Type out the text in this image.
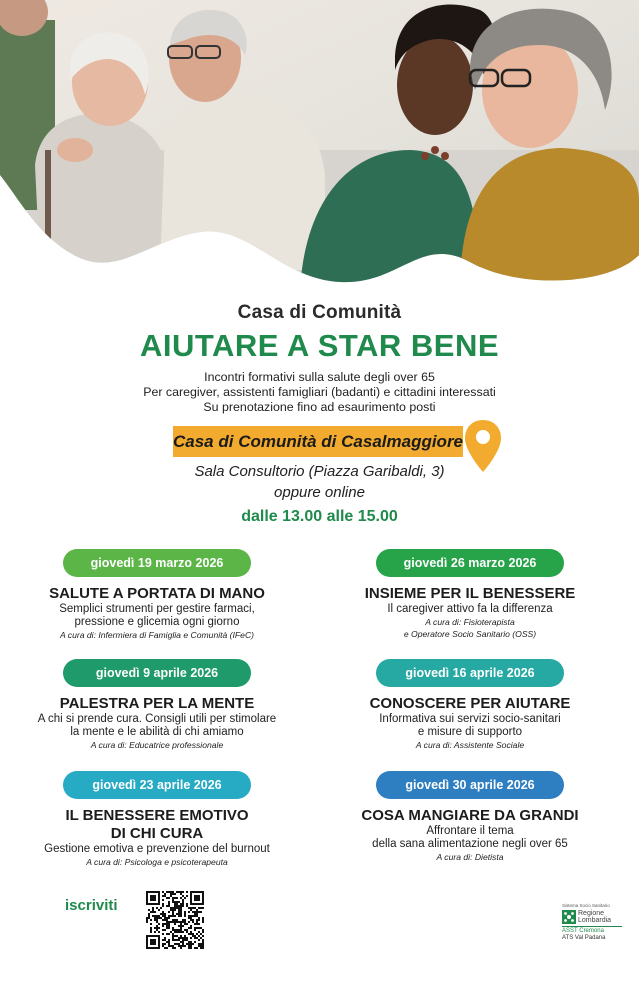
Casa di Comunità

AIUTARE A STAR BENE

Incontri formativi sulla salute degli over 65

Per caregiver, assistenti famigliari (badanti) e cittadini interessati

Su prenotazione fino ad esaurimento posti

Casa di Comunità di Casalmaggiore

Sala Consultorio (Piazza Garibaldi, 3)

oppure online

dalle 13.00 alle 15.00

giovedì 19 marzo 2026

SALUTE A PORTATA DI MANO

Semplici strumenti per gestire farmaci,

pressione e glicemia ogni giorno

A cura di: Infermiera di Famiglia e Comunità (IFeC)

giovedì 26 marzo 2026

INSIEME PER IL BENESSERE

Il caregiver attivo fa la differenza

A cura di: Fisioterapista

e Operatore Socio Sanitario (OSS)

giovedì 9 aprile 2026

PALESTRA PER LA MENTE

A chi si prende cura. Consigli utili per stimolare

la mente e le abilità di chi amiamo

A cura di: Educatrice professionale

giovedì 16 aprile 2026

CONOSCERE PER AIUTARE

Informativa sui servizi socio-sanitari

e misure di supporto

A cura di: Assistente Sociale

giovedì 23 aprile 2026

IL BENESSERE EMOTIVO

DI CHI CURA

Gestione emotiva e prevenzione del burnout

A cura di: Psicologa e psicoterapeuta

giovedì 30 aprile 2026

COSA MANGIARE DA GRANDI

Affrontare il tema

della sana alimentazione negli over 65

A cura di: Dietista

iscriviti	Sistema Socio Sanitario

Regione
Lombardia

ASST Cremona

ATS Val Padana
